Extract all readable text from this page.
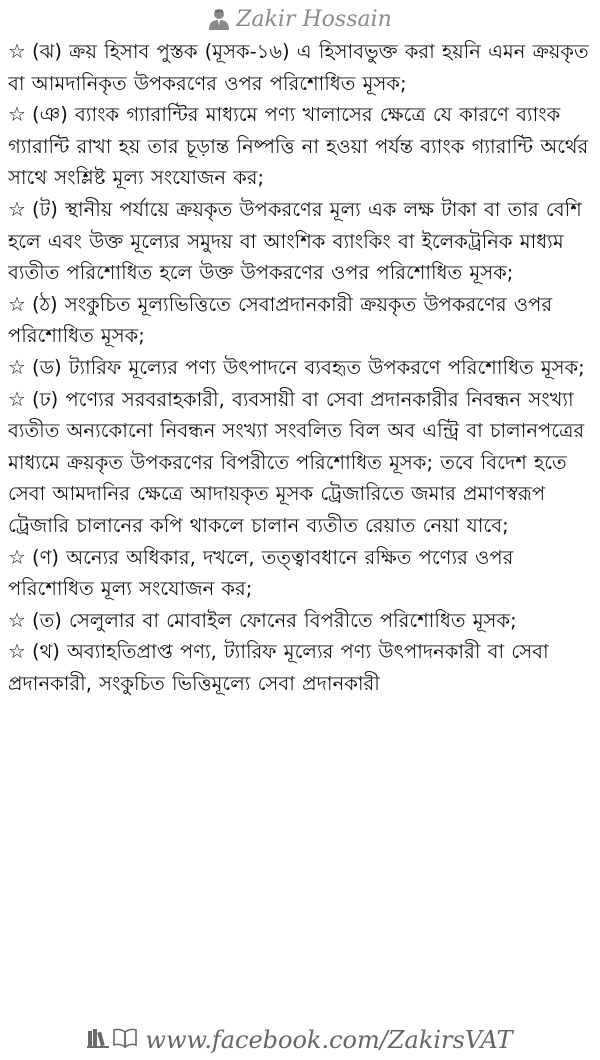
Zakir Hossain

☆ (ঝ) ক্রয় হিসাব পুস্তক (মূসক-১৬) এ হিসাবভুক্ত করা হয়নি এমন ক্রয়কৃত বা আমদানিকৃত উপকরণের ওপর পরিশোধিত মূসক;

☆ (ঞ) ব্যাংক গ্যারান্টির মাধ্যমে পণ্য খালাসের ক্ষেত্রে যে কারণে ব্যাংক গ্যারান্টি রাখা হয় তার চূড়ান্ত নিষ্পত্তি না হওয়া পর্যন্ত ব্যাংক গ্যারান্টি অর্থের সাথে সংশ্লিষ্ট মূল্য সংযোজন কর;

☆ (ট) স্থানীয় পর্যায়ে ক্রয়কৃত উপকরণের মূল্য এক লক্ষ টাকা বা তার বেশি হলে এবং উক্ত মূল্যের সমুদয় বা আংশিক ব্যাংকিং বা ইলেকট্রনিক মাধ্যম ব্যতীত পরিশোধিত হলে উক্ত উপকরণের ওপর পরিশোধিত মূসক;

☆ (ঠ) সংকুচিত মূল্যভিত্তিতে সেবাপ্রদানকারী ক্রয়কৃত উপকরণের ওপর পরিশোধিত মূসক;

☆ (ড) ট্যারিফ মূল্যের পণ্য উৎপাদনে ব্যবহৃত উপকরণে পরিশোধিত মূসক;

☆ (ঢ) পণ্যের সরবরাহকারী, ব্যবসায়ী বা সেবা প্রদানকারীর নিবন্ধন সংখ্যা ব্যতীত অন্যকোনো নিবন্ধন সংখ্যা সংবলিত বিল অব এন্ট্রি বা চালানপত্রের মাধ্যমে ক্রয়কৃত উপকরণের বিপরীতে পরিশোধিত মূসক; তবে বিদেশ হতে সেবা আমদানির ক্ষেত্রে আদায়কৃত মূসক ট্রেজারিতে জমার প্রমাণস্বরূপ ট্রেজারি চালানের কপি থাকলে চালান ব্যতীত রেয়াত নেয়া যাবে;

☆ (ণ) অন্যের অধিকার, দখলে, তত্ত্বাবধানে রক্ষিত পণ্যের ওপর পরিশোধিত মূল্য সংযোজন কর;

☆ (ত) সেলুলার বা মোবাইল ফোনের বিপরীতে পরিশোধিত মূসক;

☆ (থ) অব্যাহতিপ্রাপ্ত পণ্য, ট্যারিফ মূল্যের পণ্য উৎপাদনকারী বা সেবা প্রদানকারী, সংকুচিত ভিত্তিমূল্যে সেবা প্রদানকারী

www.facebook.com/ZakirsVAT
